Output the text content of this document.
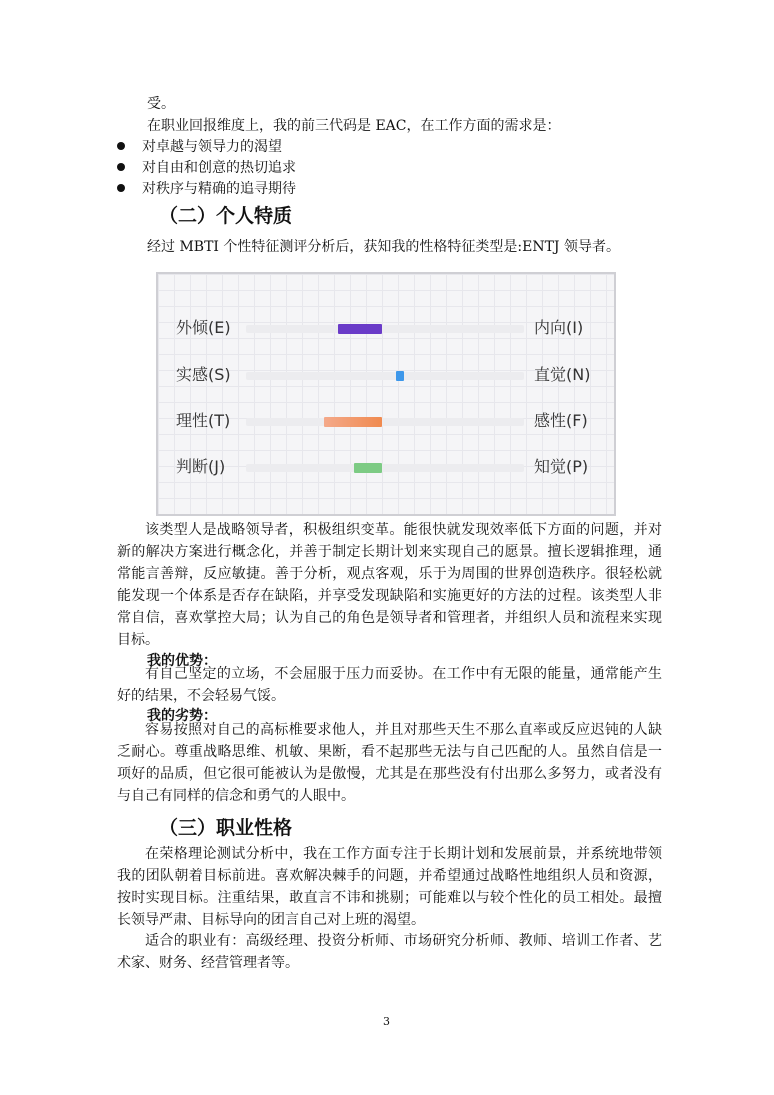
受。
在职业回报维度上，我的前三代码是 EAC，在工作方面的需求是：
对卓越与领导力的渴望
对自由和创意的热切追求
对秩序与精确的追寻期待
（二）个人特质
经过 MBTI 个性特征测评分析后，获知我的性格特征类型是:ENTJ 领导者。
外倾(E)	内向(I)
实感(S)	直觉(N)
理性(T)	感性(F)
判断(J)	知觉(P)
该类型人是战略领导者，积极组织变革。能很快就发现效率低下方面的问题，并对新的解决方案进行概念化，并善于制定长期计划来实现自己的愿景。擅长逻辑推理，通常能言善辩，反应敏捷。善于分析，观点客观，乐于为周围的世界创造秩序。很轻松就能发现一个体系是否存在缺陷，并享受发现缺陷和实施更好的方法的过程。该类型人非常自信，喜欢掌控大局；认为自己的角色是领导者和管理者，并组织人员和流程来实现目标。
我的优势：
有自己坚定的立场，不会屈服于压力而妥协。在工作中有无限的能量，通常能产生好的结果，不会轻易气馁。
我的劣势：
容易按照对自己的高标椎要求他人，并且对那些天生不那么直率或反应迟钝的人缺乏耐心。尊重战略思维、机敏、果断，看不起那些无法与自己匹配的人。虽然自信是一项好的品质，但它很可能被认为是傲慢，尤其是在那些没有付出那么多努力，或者没有与自己有同样的信念和勇气的人眼中。
（三）职业性格
在荣格理论测试分析中，我在工作方面专注于长期计划和发展前景，并系统地带领我的团队朝着目标前进。喜欢解决棘手的问题，并希望通过战略性地组织人员和资源，按时实现目标。注重结果，敢直言不讳和挑剔；可能难以与较个性化的员工相处。最擅长领导严肃、目标导向的团言自己对上班的渴望。
适合的职业有：高级经理、投资分析师、市场研究分析师、教师、培训工作者、艺术家、财务、经营管理者等。
3
